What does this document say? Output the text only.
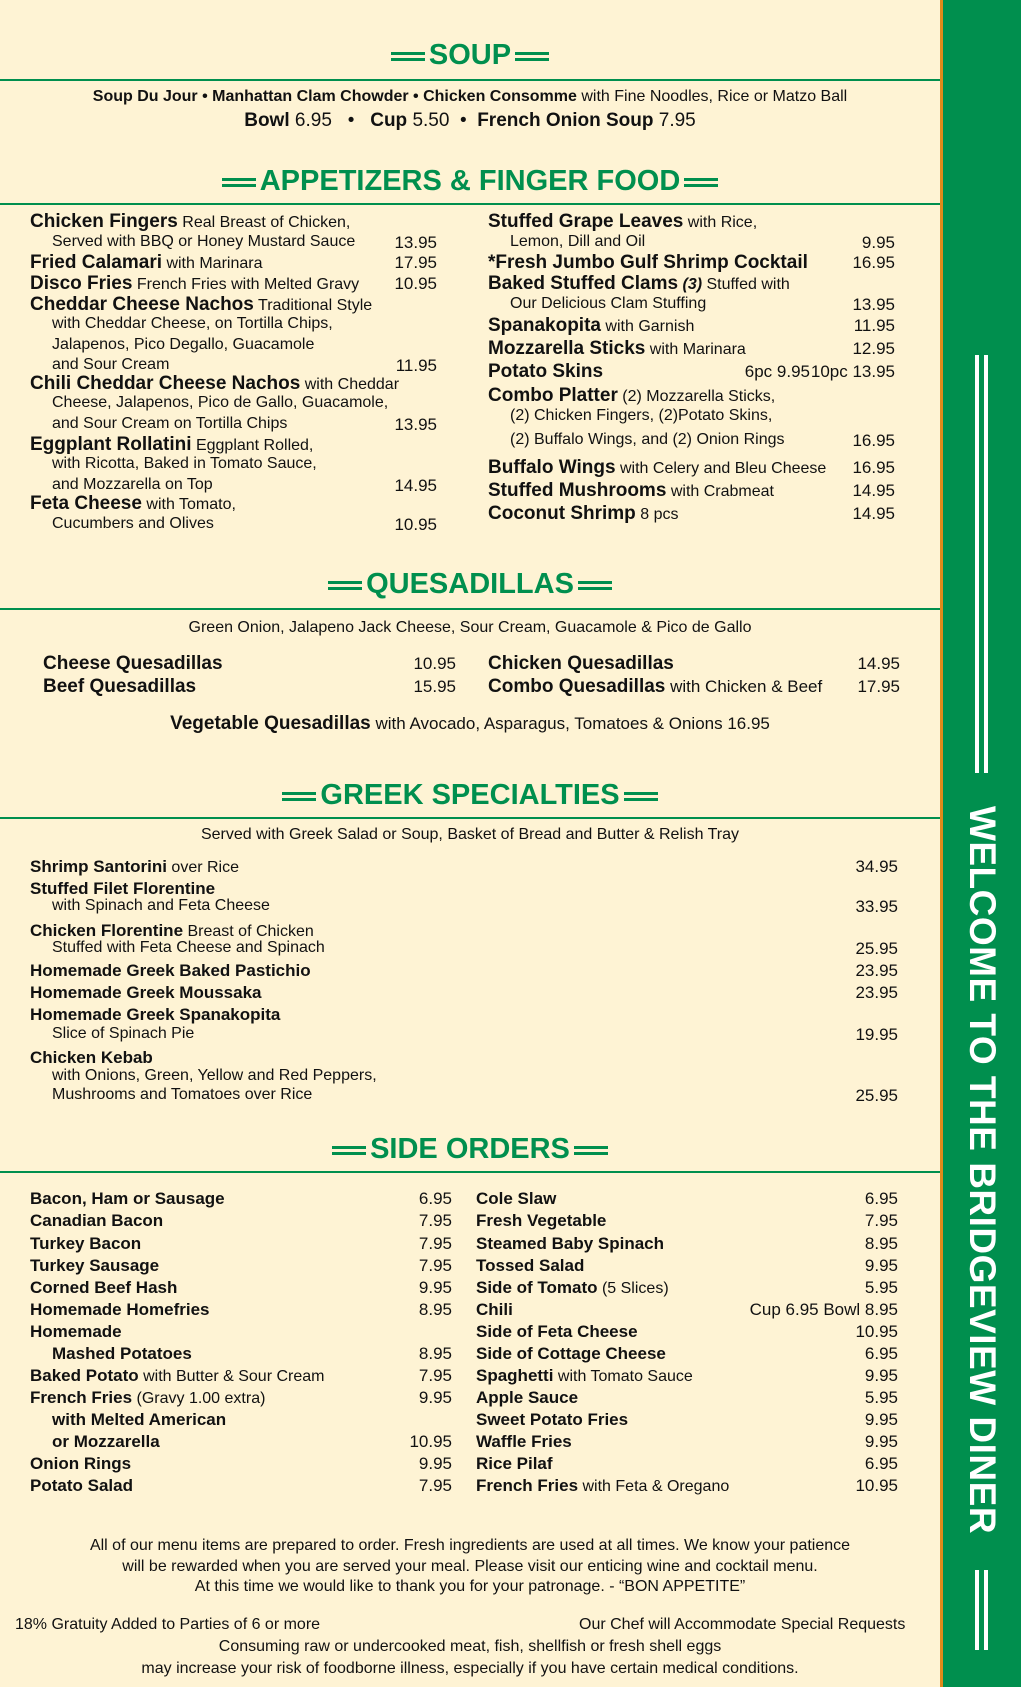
WELCOME TO THE BRIDGEVIEW DINER
SOUP
Soup Du Jour • Manhattan Clam Chowder • Chicken Consomme with Fine Noodles, Rice or Matzo Ball
Bowl 6.95   •   Cup 5.50  •  French Onion Soup 7.95
APPETIZERS & FINGER FOOD
Chicken Fingers Real Breast of Chicken,
Served with BBQ or Honey Mustard Sauce	13.95
Fried Calamari with Marinara	17.95
Disco Fries French Fries with Melted Gravy	10.95
Cheddar Cheese Nachos Traditional Style
with Cheddar Cheese, on Tortilla Chips,
Jalapenos, Pico Degallo, Guacamole
and Sour Cream	11.95
Chili Cheddar Cheese Nachos with Cheddar
Cheese, Jalapenos, Pico de Gallo, Guacamole,
and Sour Cream on Tortilla Chips	13.95
Eggplant Rollatini Eggplant Rolled,
with Ricotta, Baked in Tomato Sauce,
and Mozzarella on Top	14.95
Feta Cheese with Tomato,
Cucumbers and Olives	10.95
Stuffed Grape Leaves with Rice,
Lemon, Dill and Oil	9.95
*Fresh Jumbo Gulf Shrimp Cocktail	16.95
Baked Stuffed Clams (3) Stuffed with
Our Delicious Clam Stuffing	13.95
Spanakopita with Garnish	11.95
Mozzarella Sticks with Marinara	12.95
Potato Skins	6pc 9.95 10pc 13.95
Combo Platter (2) Mozzarella Sticks,
(2) Chicken Fingers, (2)Potato Skins,
(2) Buffalo Wings, and (2) Onion Rings	16.95
Buffalo Wings with Celery and Bleu Cheese	16.95
Stuffed Mushrooms with Crabmeat	14.95
Coconut Shrimp 8 pcs	14.95
QUESADILLAS
Green Onion, Jalapeno Jack Cheese, Sour Cream, Guacamole & Pico de Gallo
Cheese Quesadillas	10.95
Beef Quesadillas	15.95
Chicken Quesadillas	14.95
Combo Quesadillas with Chicken & Beef	17.95
Vegetable Quesadillas with Avocado, Asparagus, Tomatoes & Onions 16.95
GREEK SPECIALTIES
Served with Greek Salad or Soup, Basket of Bread and Butter & Relish Tray
Shrimp Santorini over Rice	34.95
Stuffed Filet Florentine
with Spinach and Feta Cheese	33.95
Chicken Florentine Breast of Chicken
Stuffed with Feta Cheese and Spinach	25.95
Homemade Greek Baked Pastichio	23.95
Homemade Greek Moussaka	23.95
Homemade Greek Spanakopita
Slice of Spinach Pie	19.95
Chicken Kebab
with Onions, Green, Yellow and Red Peppers,
Mushrooms and Tomatoes over Rice	25.95
SIDE ORDERS
Bacon, Ham or Sausage	6.95
Canadian Bacon	7.95
Turkey Bacon	7.95
Turkey Sausage	7.95
Corned Beef Hash	9.95
Homemade Homefries	8.95
Homemade
Mashed Potatoes	8.95
Baked Potato with Butter & Sour Cream	7.95
French Fries (Gravy 1.00 extra)	9.95
with Melted American
or Mozzarella	10.95
Onion Rings	9.95
Potato Salad	7.95
Cole Slaw	6.95
Fresh Vegetable	7.95
Steamed Baby Spinach	8.95
Tossed Salad	9.95
Side of Tomato (5 Slices)	5.95
Chili	Cup 6.95 Bowl 8.95
Side of Feta Cheese	10.95
Side of Cottage Cheese	6.95
Spaghetti with Tomato Sauce	9.95
Apple Sauce	5.95
Sweet Potato Fries	9.95
Waffle Fries	9.95
Rice Pilaf	6.95
French Fries with Feta & Oregano	10.95
All of our menu items are prepared to order. Fresh ingredients are used at all times. We know your patience
will be rewarded when you are served your meal. Please visit our enticing wine and cocktail menu.
At this time we would like to thank you for your patronage. - “BON APPETITE”
18% Gratuity Added to Parties of 6 or more	Our Chef will Accommodate Special Requests
Consuming raw or undercooked meat, fish, shellfish or fresh shell eggs
may increase your risk of foodborne illness, especially if you have certain medical conditions.
